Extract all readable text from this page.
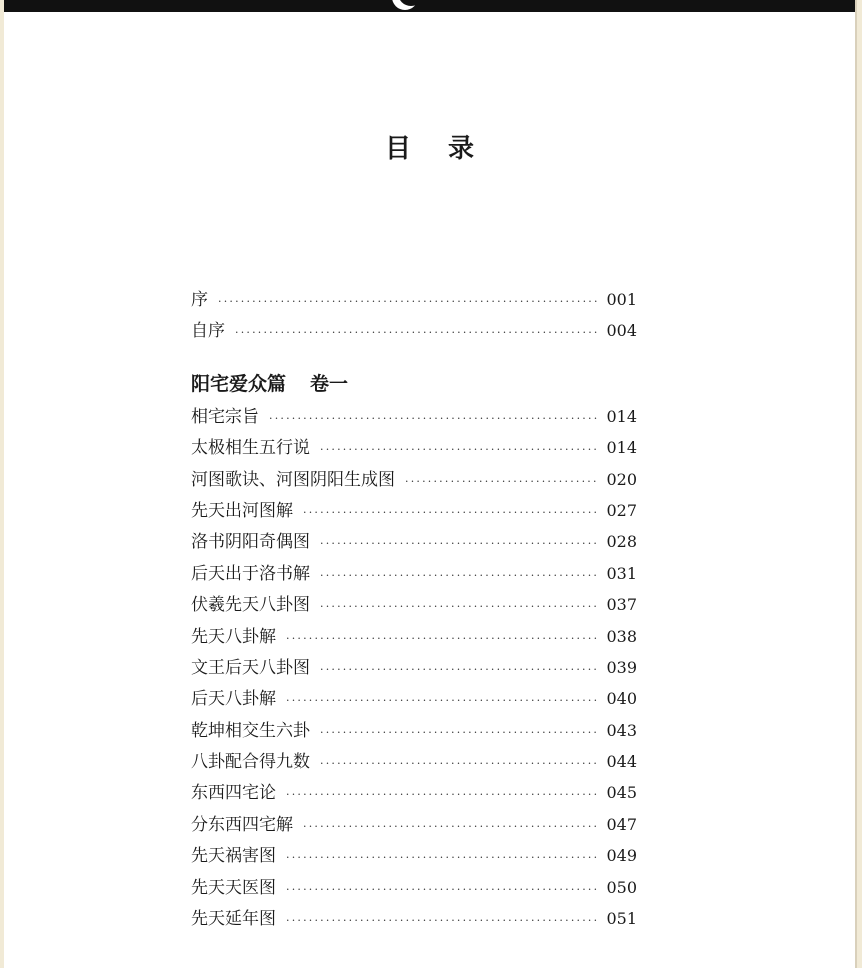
目 录
序 ·····	001
自序 ·····	004
阳宅爱众篇 卷一
相宅宗旨 ·····	014
太极相生五行说 ·····	014
河图歌诀、河图阴阳生成图 ·····	020
先天出河图解 ·····	027
洛书阴阳奇偶图 ·····	028
后天出于洛书解 ·····	031
伏羲先天八卦图 ·····	037
先天八卦解 ·····	038
文王后天八卦图 ·····	039
后天八卦解 ·····	040
乾坤相交生六卦 ·····	043
八卦配合得九数 ·····	044
东西四宅论 ·····	045
分东西四宅解 ·····	047
先天祸害图 ·····	049
先天天医图 ·····	050
先天延年图 ·····	051
